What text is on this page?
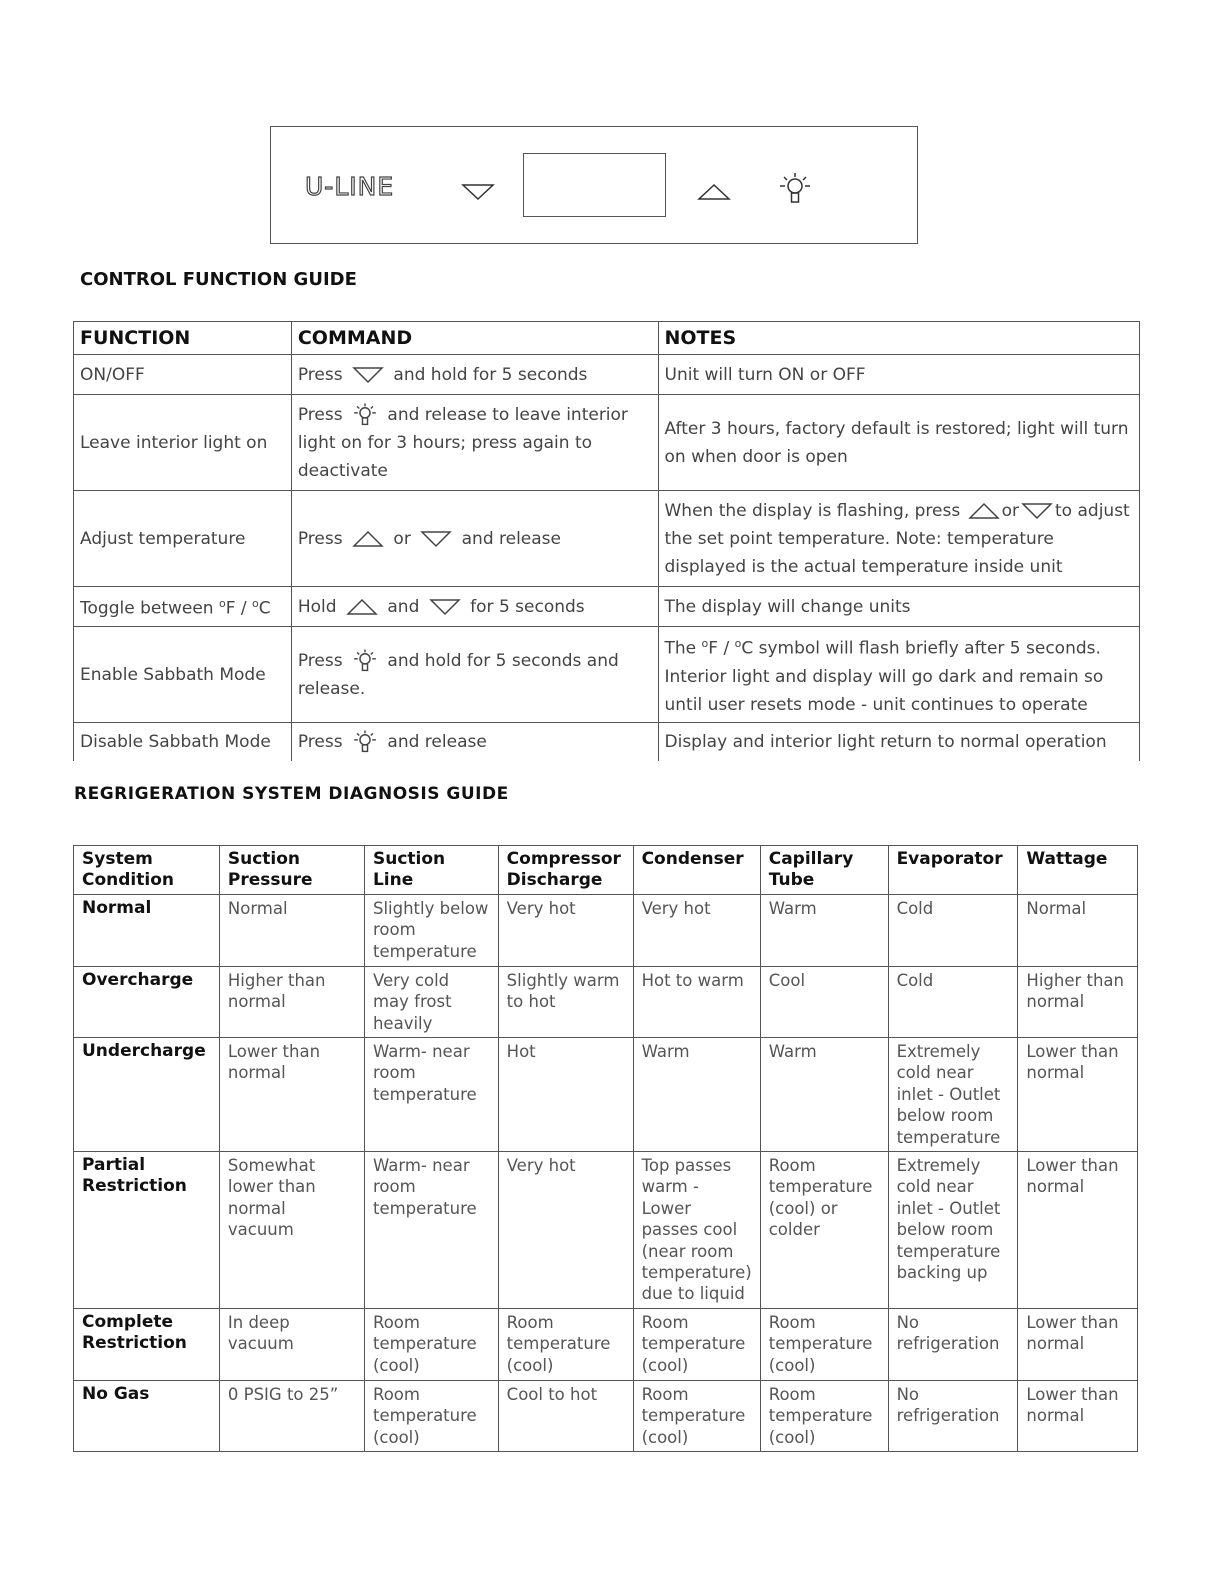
U-LINE
CONTROL FUNCTION GUIDE
FUNCTION	COMMAND	NOTES
ON/OFF	Press and hold for 5 seconds	Unit will turn ON or OFF
Leave interior light on	Press and release to leave interior light on for 3 hours; press again to deactivate	After 3 hours, factory default is restored; light will turn on when door is open
Adjust temperature	Press or and release	When the display is flashing, press or to adjust the set point temperature. Note: temperature displayed is the actual temperature inside unit
Toggle between $^o$F / $^o$C	Hold and for 5 seconds	The display will change units
Enable Sabbath Mode	Press and hold for 5 seconds and release.	The $^o$F / $^o$C symbol will flash briefly after 5 seconds. Interior light and display will go dark and remain so until user resets mode - unit continues to operate
Disable Sabbath Mode	Press and release	Display and interior light return to normal operation
REGRIGERATION SYSTEM DIAGNOSIS GUIDE
System Condition	Suction Pressure	Suction Line	Compressor Discharge	Condenser	Capillary Tube	Evaporator	Wattage
Normal	Normal	Slightly below room temperature	Very hot	Very hot	Warm	Cold	Normal
Overcharge	Higher than normal	Very cold may frost heavily	Slightly warm to hot	Hot to warm	Cool	Cold	Higher than normal
Undercharge	Lower than normal	Warm- near room temperature	Hot	Warm	Warm	Extremely cold near inlet - Outlet below room temperature	Lower than normal
Partial Restriction	Somewhat lower than normal vacuum	Warm- near room temperature	Very hot	Top passes warm - Lower passes cool (near room temperature) due to liquid	Room temperature (cool) or colder	Extremely cold near inlet - Outlet below room temperature backing up	Lower than normal
Complete Restriction	In deep vacuum	Room temperature (cool)	Room temperature (cool)	Room temperature (cool)	Room temperature (cool)	No refrigeration	Lower than normal
No Gas	0 PSIG to 25”	Room temperature (cool)	Cool to hot	Room temperature (cool)	Room temperature (cool)	No refrigeration	Lower than normal
